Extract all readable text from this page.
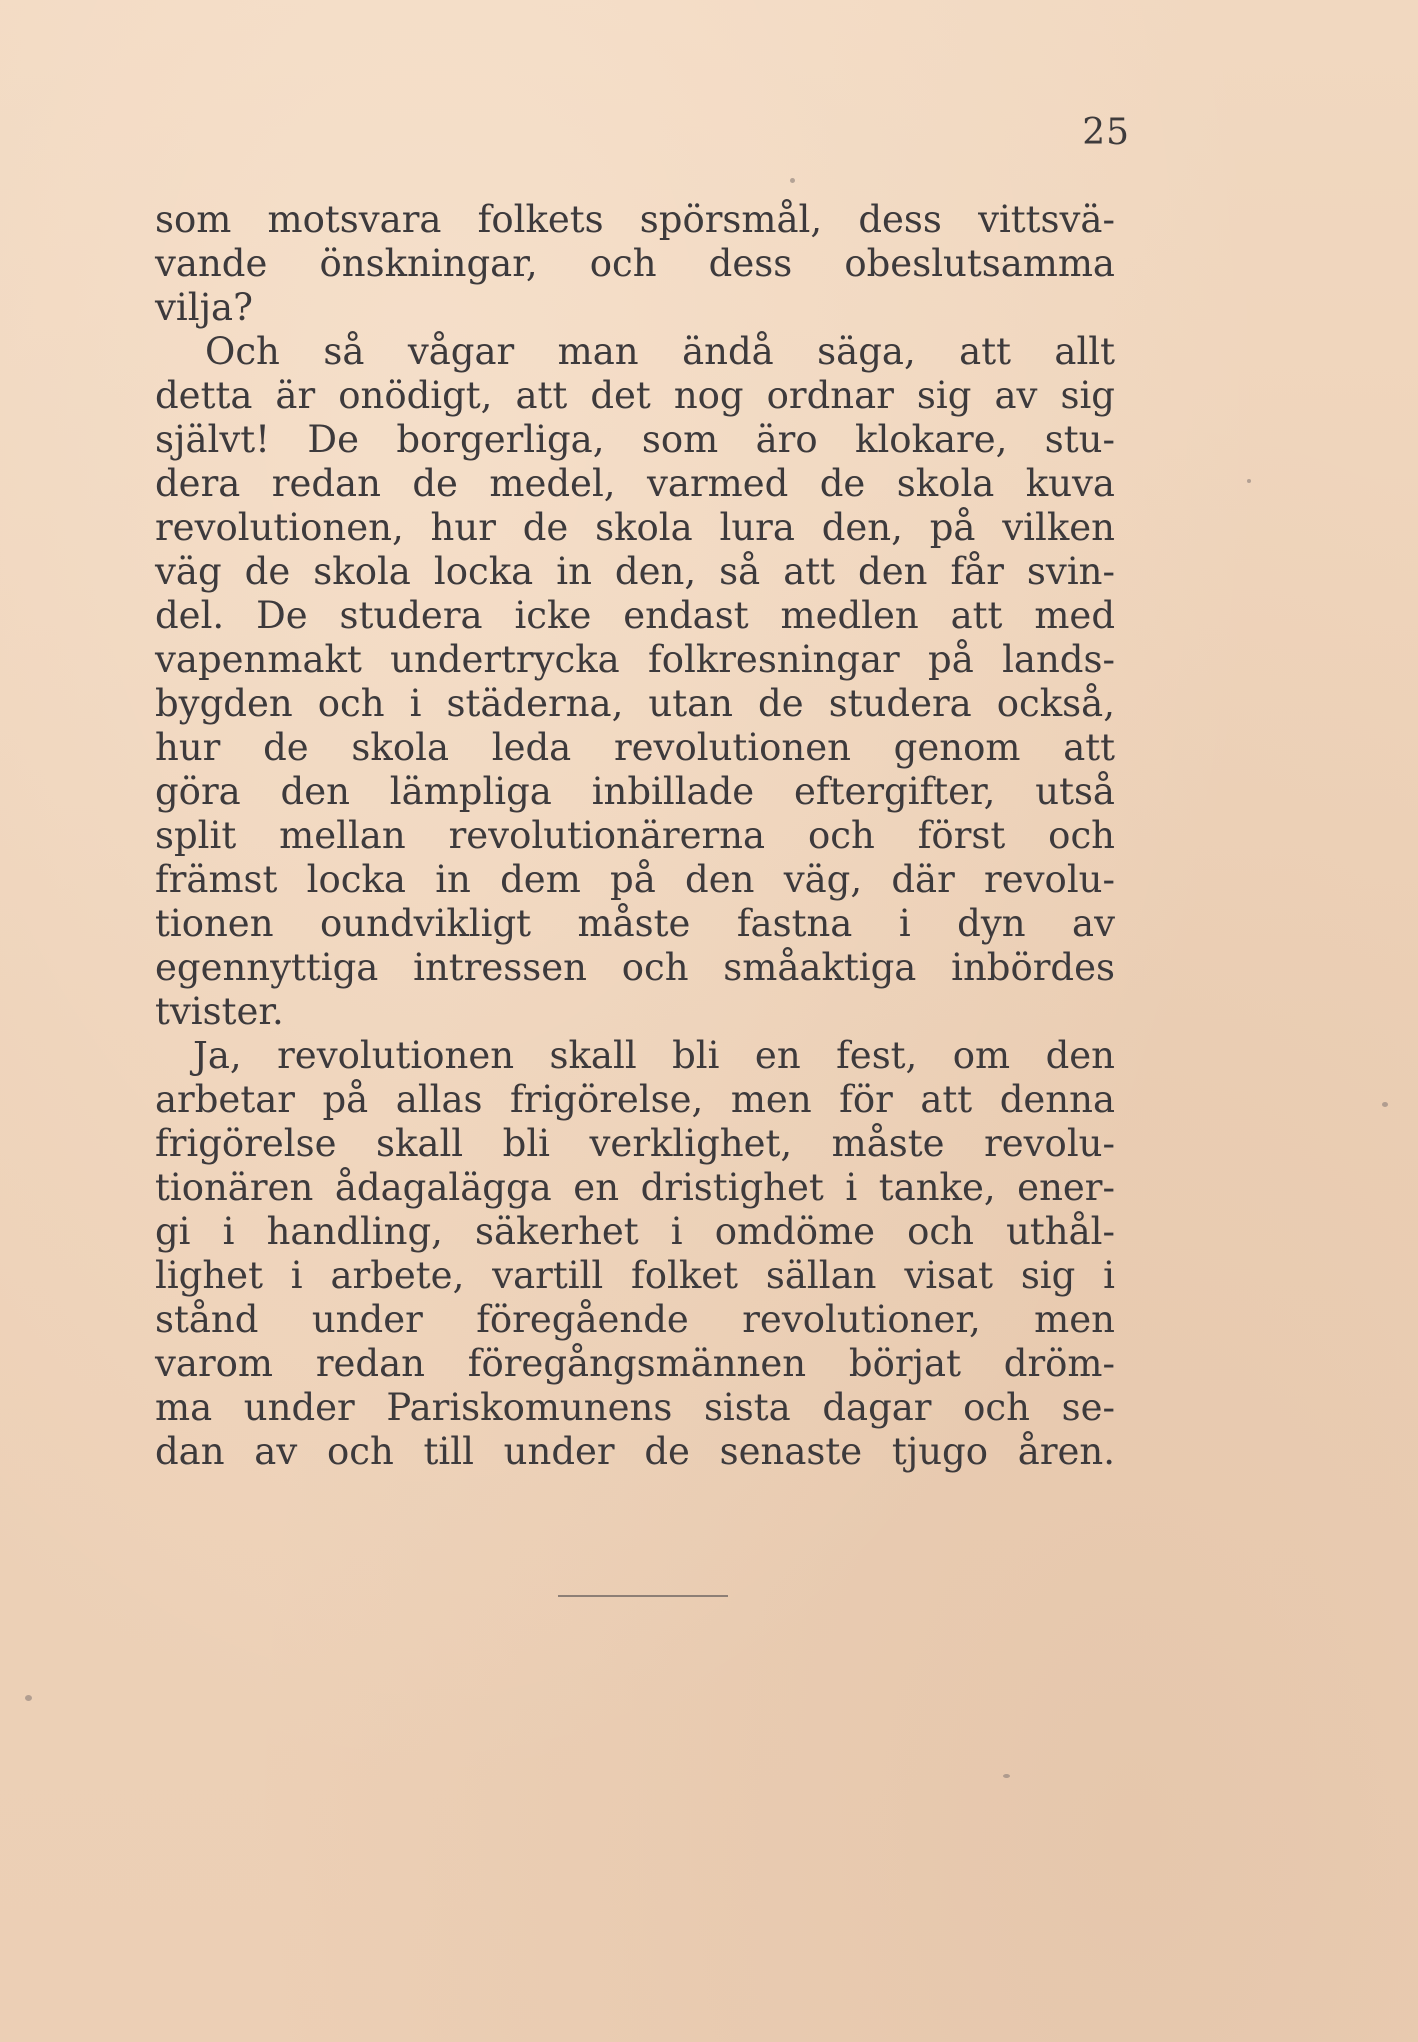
25
som motsvara folkets spörsmål, dess vittsvä-
vande önskningar, och dess obeslutsamma
vilja?
Och så vågar man ändå säga, att allt
detta är onödigt, att det nog ordnar sig av sig
självt! De borgerliga, som äro klokare, stu-
dera redan de medel, varmed de skola kuva
revolutionen, hur de skola lura den, på vilken
väg de skola locka in den, så att den får svin-
del. De studera icke endast medlen att med
vapenmakt undertrycka folkresningar på lands-
bygden och i städerna, utan de studera också,
hur de skola leda revolutionen genom att
göra den lämpliga inbillade eftergifter, utså
split mellan revolutionärerna och först och
främst locka in dem på den väg, där revolu-
tionen oundvikligt måste fastna i dyn av
egennyttiga intressen och småaktiga inbördes
tvister.
Ja, revolutionen skall bli en fest, om den
arbetar på allas frigörelse, men för att denna
frigörelse skall bli verklighet, måste revolu-
tionären ådagalägga en dristighet i tanke, ener-
gi i handling, säkerhet i omdöme och uthål-
lighet i arbete, vartill folket sällan visat sig i
stånd under föregående revolutioner, men
varom redan föregångsmännen börjat dröm-
ma under Pariskomunens sista dagar och se-
dan av och till under de senaste tjugo åren.
